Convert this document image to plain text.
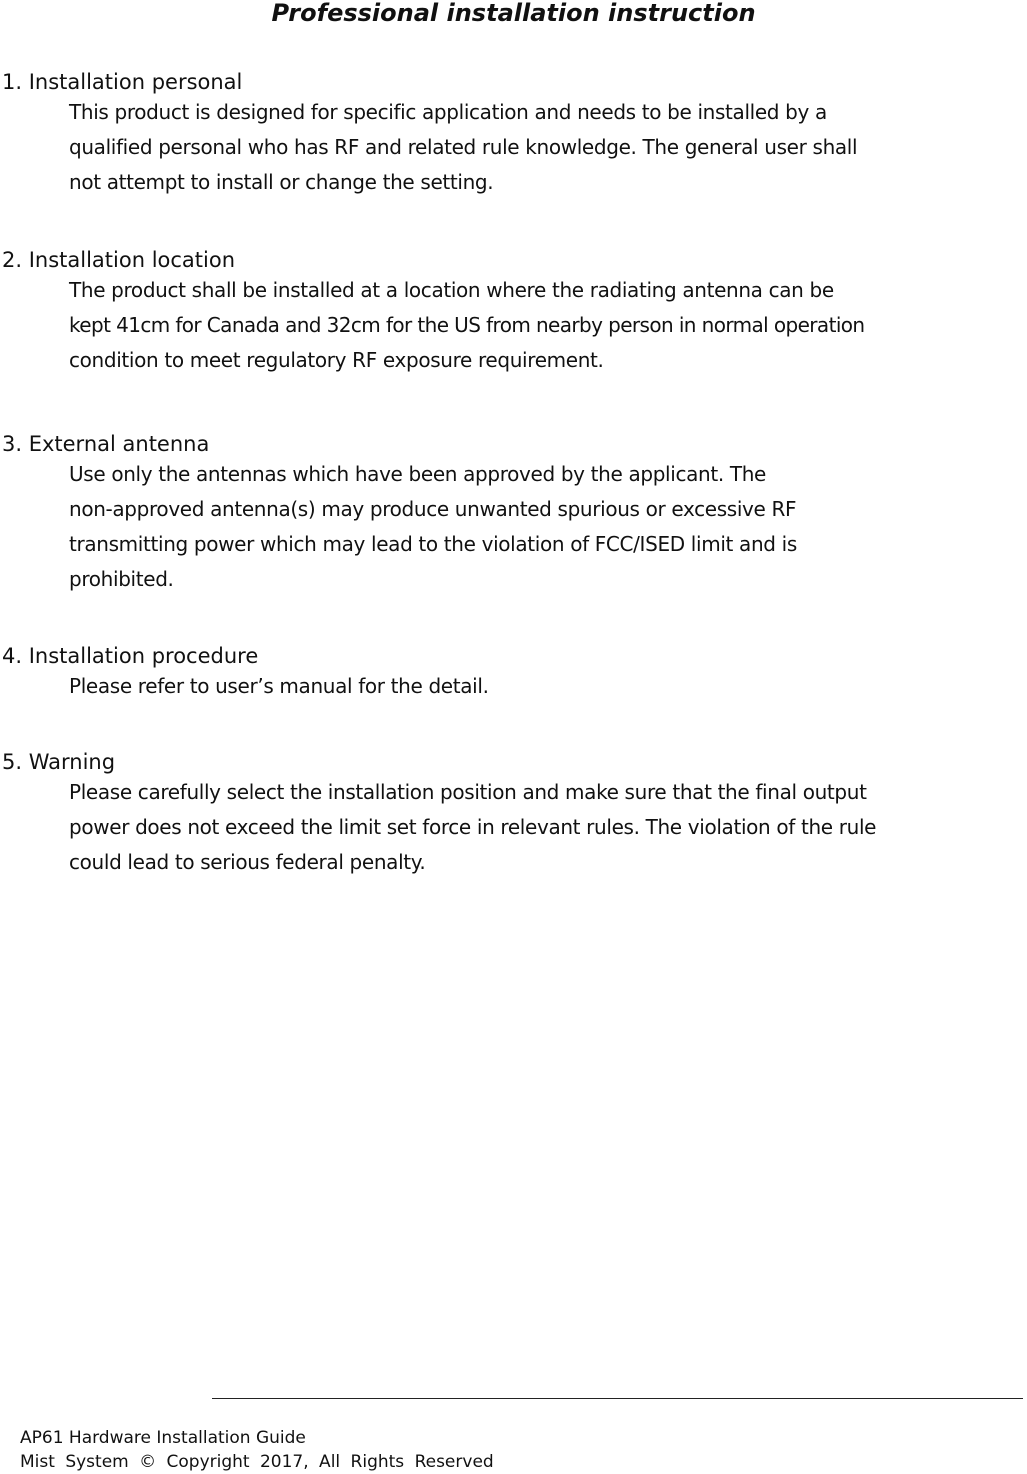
Professional installation instruction
1. Installation personal
This product is designed for specific application and needs to be installed by a
qualified personal who has RF and related rule knowledge. The general user shall
not attempt to install or change the setting.
2. Installation location
The product shall be installed at a location where the radiating antenna can be
kept 41cm for Canada and 32cm for the US from nearby person in normal operation
condition to meet regulatory RF exposure requirement.
3. External antenna
Use only the antennas which have been approved by the applicant. The
non-approved antenna(s) may produce unwanted spurious or excessive RF
transmitting power which may lead to the violation of FCC/ISED limit and is
prohibited.
4. Installation procedure
Please refer to user’s manual for the detail.
5. Warning
Please carefully select the installation position and make sure that the final output
power does not exceed the limit set force in relevant rules. The violation of the rule
could lead to serious federal penalty.
AP61 Hardware Installation Guide
Mist System © Copyright 2017, All Rights Reserved
